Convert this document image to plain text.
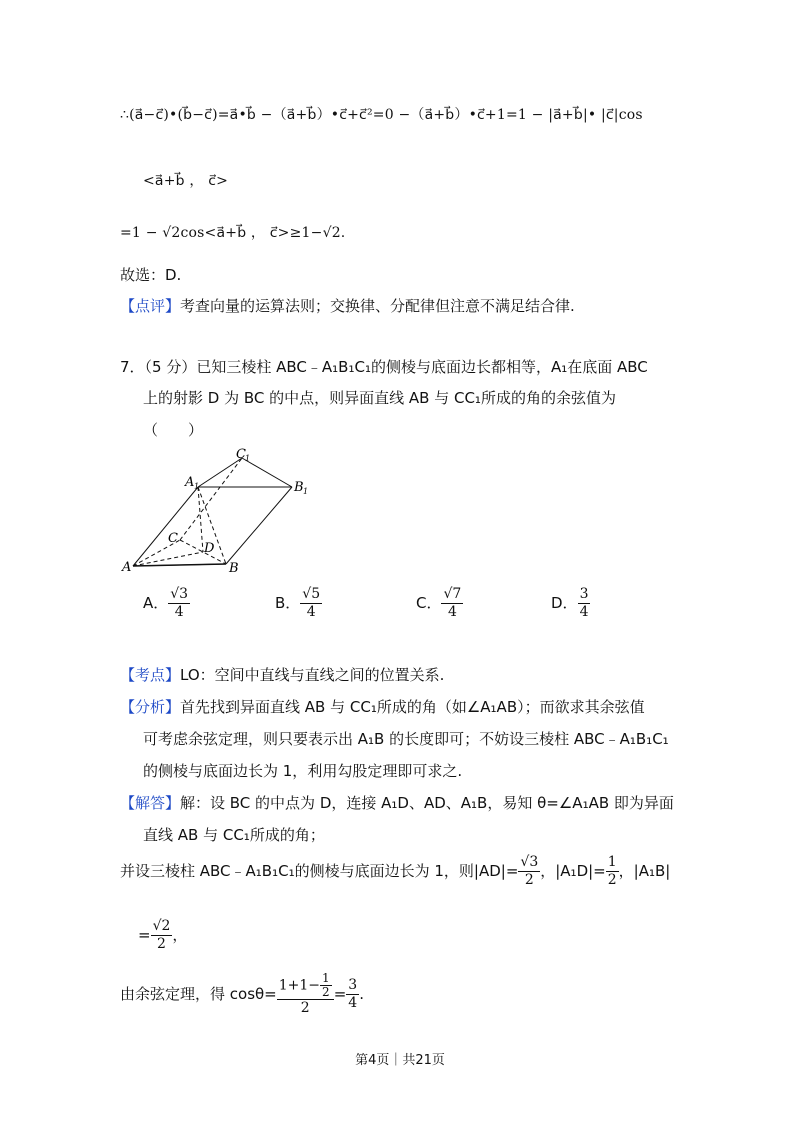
∴(a⃗−c⃗)•(b⃗−c⃗)=a⃗•b⃗ −（a⃗+b⃗）•c⃗+c⃗²=0 −（a⃗+b⃗）•c⃗+1=1 − |a⃗+b⃗|• |c⃗|cos
<a⃗+b⃗ ， c⃗>
=1 − √2cos<a⃗+b⃗ ， c⃗>≥1−√2.
故选：D.
【点评】考查向量的运算法则；交换律、分配律但注意不满足结合律.
7．（5 分）已知三棱柱 ABC﹣A₁B₁C₁的侧棱与底面边长都相等，A₁在底面 ABC
上的射影 D 为 BC 的中点，则异面直线 AB 与 CC₁所成的角的余弦值为
（　　）
A	B
C
D
A 1	B 1
C 1
A． $\frac{√3}{4}$	B． $\frac{√5}{4}$	C． $\frac{√7}{4}$	D． $\frac{3}{4}$
【考点】LO：空间中直线与直线之间的位置关系.
【分析】首先找到异面直线 AB 与 CC₁所成的角（如∠A₁AB）；而欲求其余弦值
可考虑余弦定理，则只要表示出 A₁B 的长度即可；不妨设三棱柱 ABC﹣A₁B₁C₁
的侧棱与底面边长为 1，利用勾股定理即可求之.
【解答】解：设 BC 的中点为 D，连接 A₁D、AD、A₁B，易知 θ=∠A₁AB 即为异面
直线 AB 与 CC₁所成的角；
并设三棱柱 ABC﹣A₁B₁C₁的侧棱与底面边长为 1，则$|AD|= \frac{√3}{2}$ ，$|A_1D|= \frac{1}{2}$ ，|A₁B|
= $\frac{√2}{2}$ ，
由余弦定理，得 $\cos\theta= \frac{1+1- \frac{1}{2}}{2} = \frac{3}{4}$ .
第4页｜共21页
